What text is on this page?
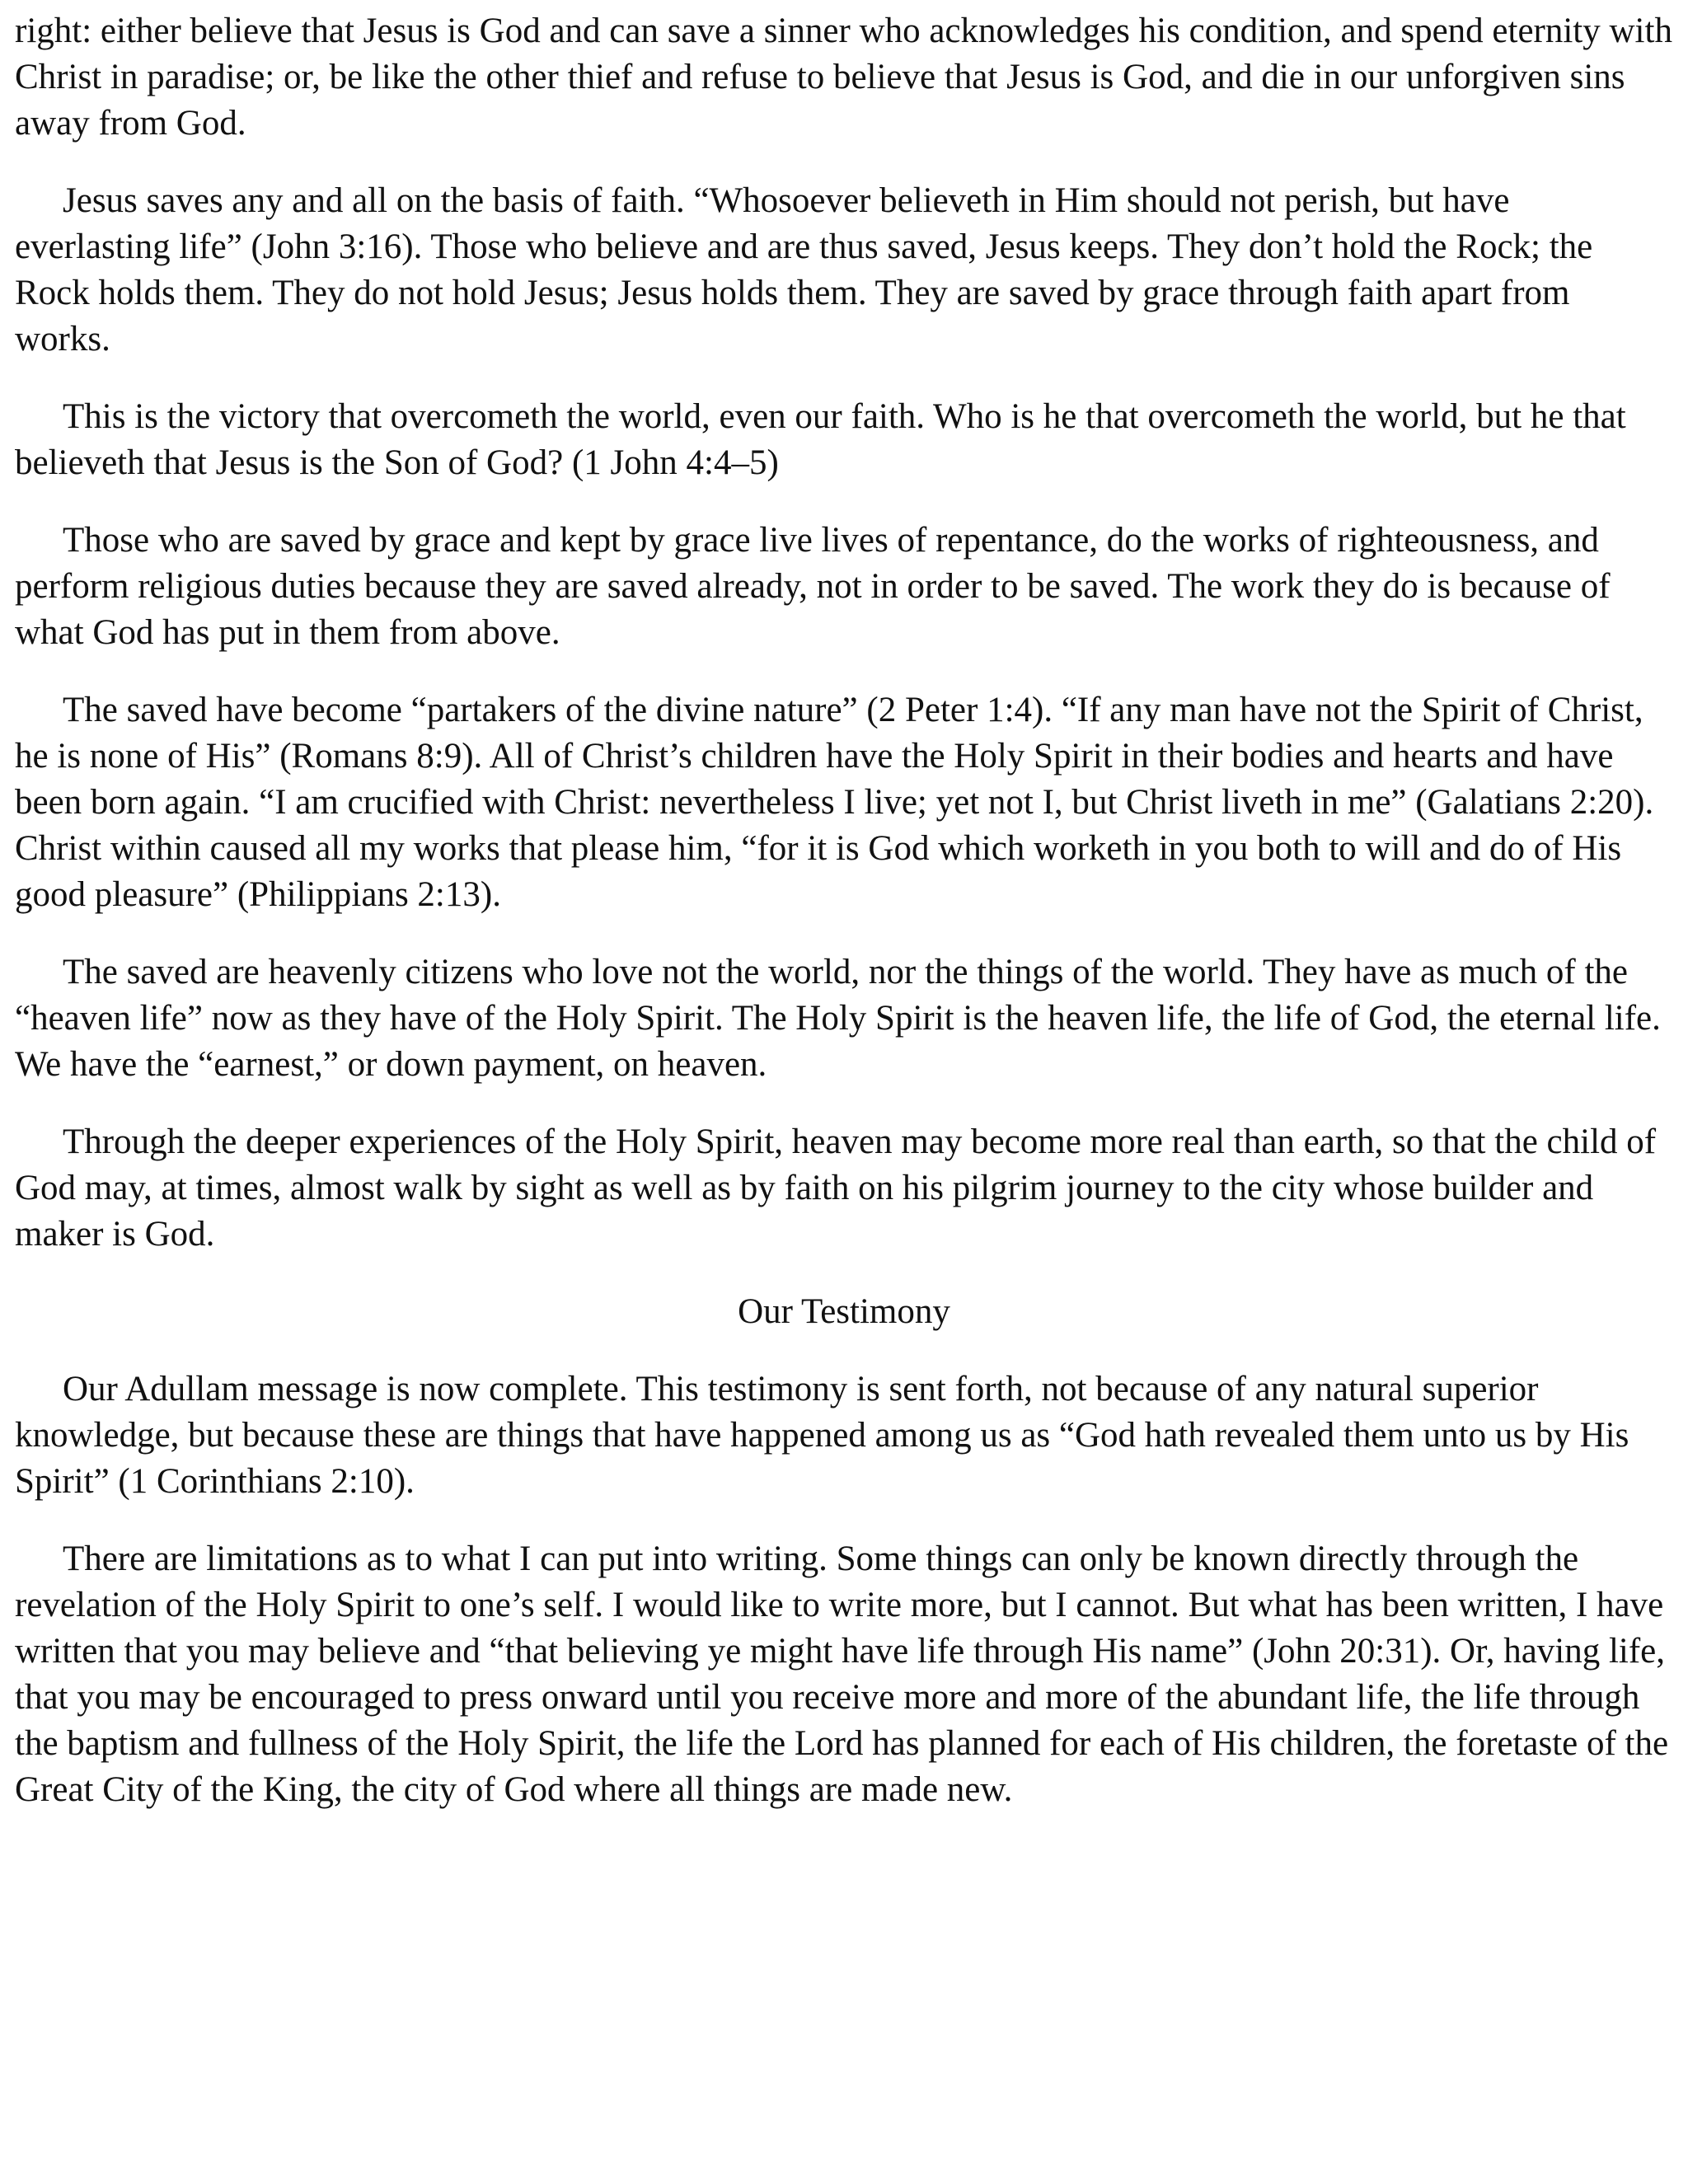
right: either believe that Jesus is God and can save a sinner who acknowledges his condition, and spend eternity with Christ in paradise; or, be like the other thief and refuse to believe that Jesus is God, and die in our unforgiven sins away from God.

Jesus saves any and all on the basis of faith. “Whosoever believeth in Him should not perish, but have everlasting life” (John 3:16). Those who believe and are thus saved, Jesus keeps. They don’t hold the Rock; the Rock holds them. They do not hold Jesus; Jesus holds them. They are saved by grace through faith apart from works.

This is the victory that overcometh the world, even our faith. Who is he that overcometh the world, but he that believeth that Jesus is the Son of God? (1 John 4:4–5)

Those who are saved by grace and kept by grace live lives of repentance, do the works of righteousness, and perform religious duties because they are saved already, not in order to be saved. The work they do is because of what God has put in them from above.

The saved have become “partakers of the divine nature” (2 Peter 1:4). “If any man have not the Spirit of Christ, he is none of His” (Romans 8:9). All of Christ’s children have the Holy Spirit in their bodies and hearts and have been born again. “I am crucified with Christ: nevertheless I live; yet not I, but Christ liveth in me” (Galatians 2:20). Christ within caused all my works that please him, “for it is God which worketh in you both to will and do of His good pleasure” (Philippians 2:13).

The saved are heavenly citizens who love not the world, nor the things of the world. They have as much of the “heaven life” now as they have of the Holy Spirit. The Holy Spirit is the heaven life, the life of God, the eternal life. We have the “earnest,” or down payment, on heaven.

Through the deeper experiences of the Holy Spirit, heaven may become more real than earth, so that the child of God may, at times, almost walk by sight as well as by faith on his pilgrim journey to the city whose builder and maker is God.

Our Testimony

Our Adullam message is now complete. This testimony is sent forth, not because of any natural superior knowledge, but because these are things that have happened among us as “God hath revealed them unto us by His Spirit” (1 Corinthians 2:10).

There are limitations as to what I can put into writing. Some things can only be known directly through the revelation of the Holy Spirit to one’s self. I would like to write more, but I cannot. But what has been written, I have written that you may believe and “that believing ye might have life through His name” (John 20:31). Or, having life, that you may be encouraged to press onward until you receive more and more of the abundant life, the life through the baptism and fullness of the Holy Spirit, the life the Lord has planned for each of His children, the foretaste of the Great City of the King, the city of God where all things are made new.
